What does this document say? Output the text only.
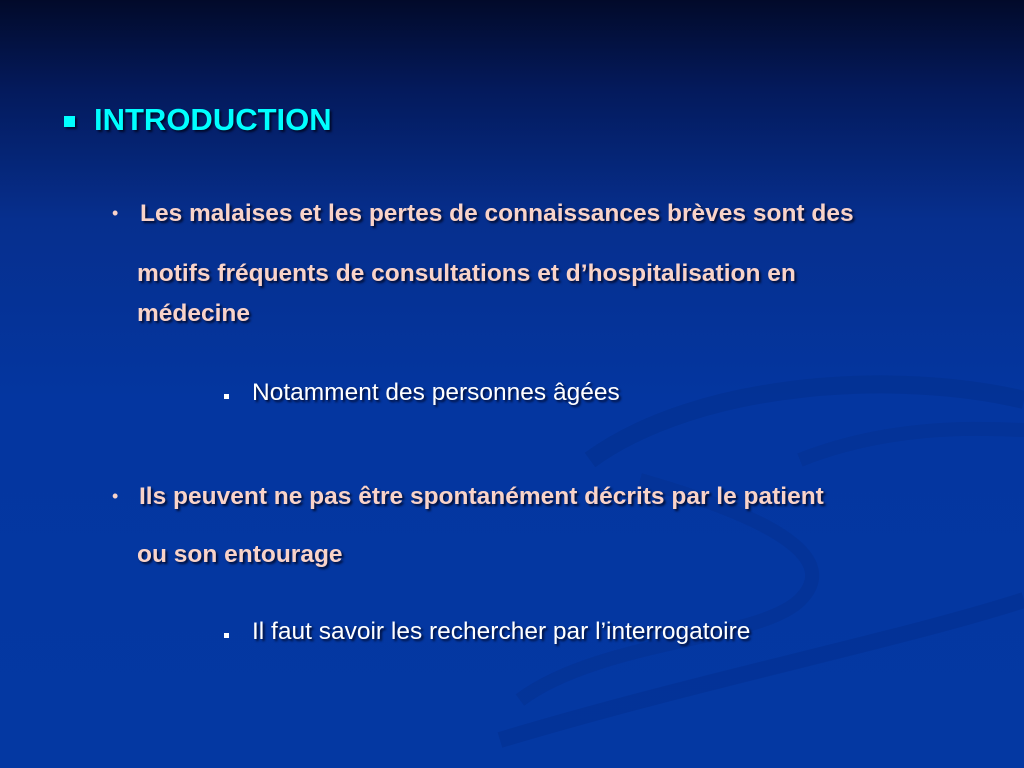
INTRODUCTION
• Les malaises et les pertes de connaissances brèves sont des
motifs fréquents de consultations et d’hospitalisation en
médecine
Notamment des personnes âgées
• Ils peuvent ne pas être spontanément décrits par le patient
ou son entourage
Il faut savoir les rechercher par l’interrogatoire
